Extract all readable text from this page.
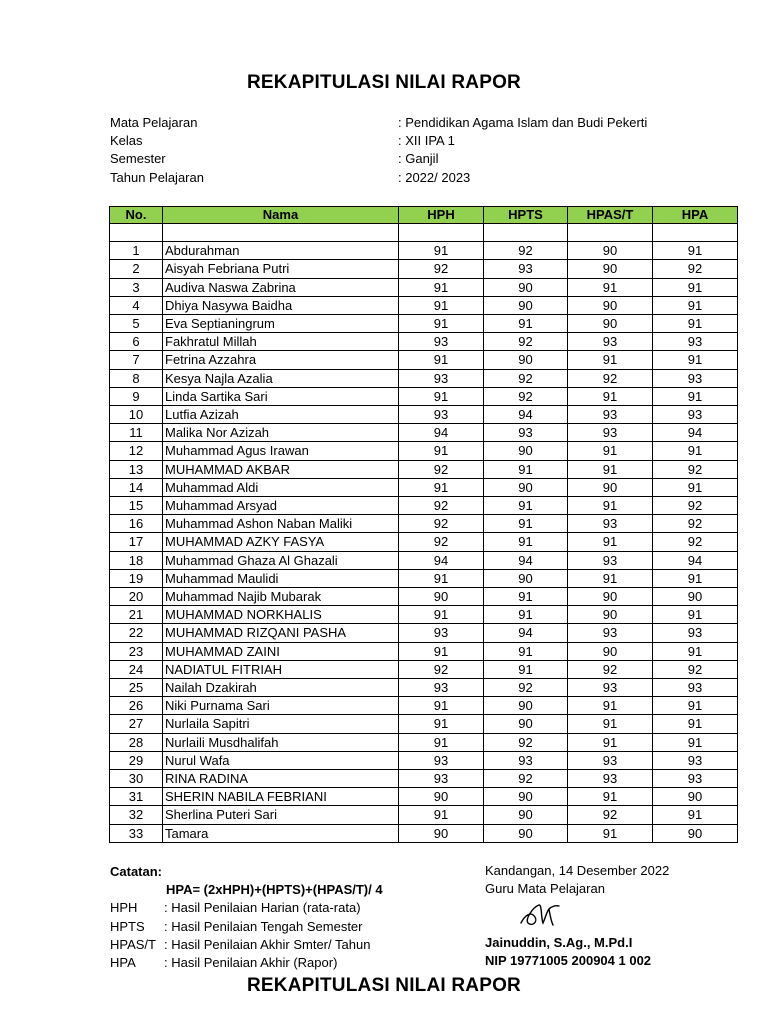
REKAPITULASI NILAI RAPOR
Mata Pelajaran	: Pendidikan Agama Islam dan Budi Pekerti
Kelas	: XII IPA 1
Semester	: Ganjil
Tahun Pelajaran	: 2022/ 2023
No.	Nama	HPH	HPTS	HPAS/T	HPA

1	Abdurahman	91	92	90	91
2	Aisyah Febriana Putri	92	93	90	92
3	Audiva Naswa Zabrina	91	90	91	91
4	Dhiya Nasywa Baidha	91	90	90	91
5	Eva Septianingrum	91	91	90	91
6	Fakhratul Millah	93	92	93	93
7	Fetrina Azzahra	91	90	91	91
8	Kesya Najla Azalia	93	92	92	93
9	Linda Sartika Sari	91	92	91	91
10	Lutfia Azizah	93	94	93	93
11	Malika Nor Azizah	94	93	93	94
12	Muhammad Agus Irawan	91	90	91	91
13	MUHAMMAD AKBAR	92	91	91	92
14	Muhammad Aldi	91	90	90	91
15	Muhammad Arsyad	92	91	91	92
16	Muhammad Ashon Naban Maliki	92	91	93	92
17	MUHAMMAD AZKY FASYA	92	91	91	92
18	Muhammad Ghaza Al Ghazali	94	94	93	94
19	Muhammad Maulidi	91	90	91	91
20	Muhammad Najib Mubarak	90	91	90	90
21	MUHAMMAD NORKHALIS	91	91	90	91
22	MUHAMMAD RIZQANI PASHA	93	94	93	93
23	MUHAMMAD ZAINI	91	91	90	91
24	NADIATUL FITRIAH	92	91	92	92
25	Nailah Dzakirah	93	92	93	93
26	Niki Purnama Sari	91	90	91	91
27	Nurlaila Sapitri	91	90	91	91
28	Nurlaili Musdhalifah	91	92	91	91
29	Nurul Wafa	93	93	93	93
30	RINA RADINA	93	92	93	93
31	SHERIN NABILA FEBRIANI	90	90	91	90
32	Sherlina Puteri Sari	91	90	92	91
33	Tamara	90	90	91	90
Catatan:
HPA= (2xHPH)+(HPTS)+(HPAS/T)/ 4
HPH : Hasil Penilaian Harian (rata-rata)
HPTS : Hasil Penilaian Tengah Semester
HPAS/T : Hasil Penilaian Akhir Smter/ Tahun
HPA : Hasil Penilaian Akhir (Rapor)
Kandangan, 14 Desember 2022
Guru Mata Pelajaran
Jainuddin, S.Ag., M.Pd.I
NIP 19771005 200904 1 002
REKAPITULASI NILAI RAPOR
